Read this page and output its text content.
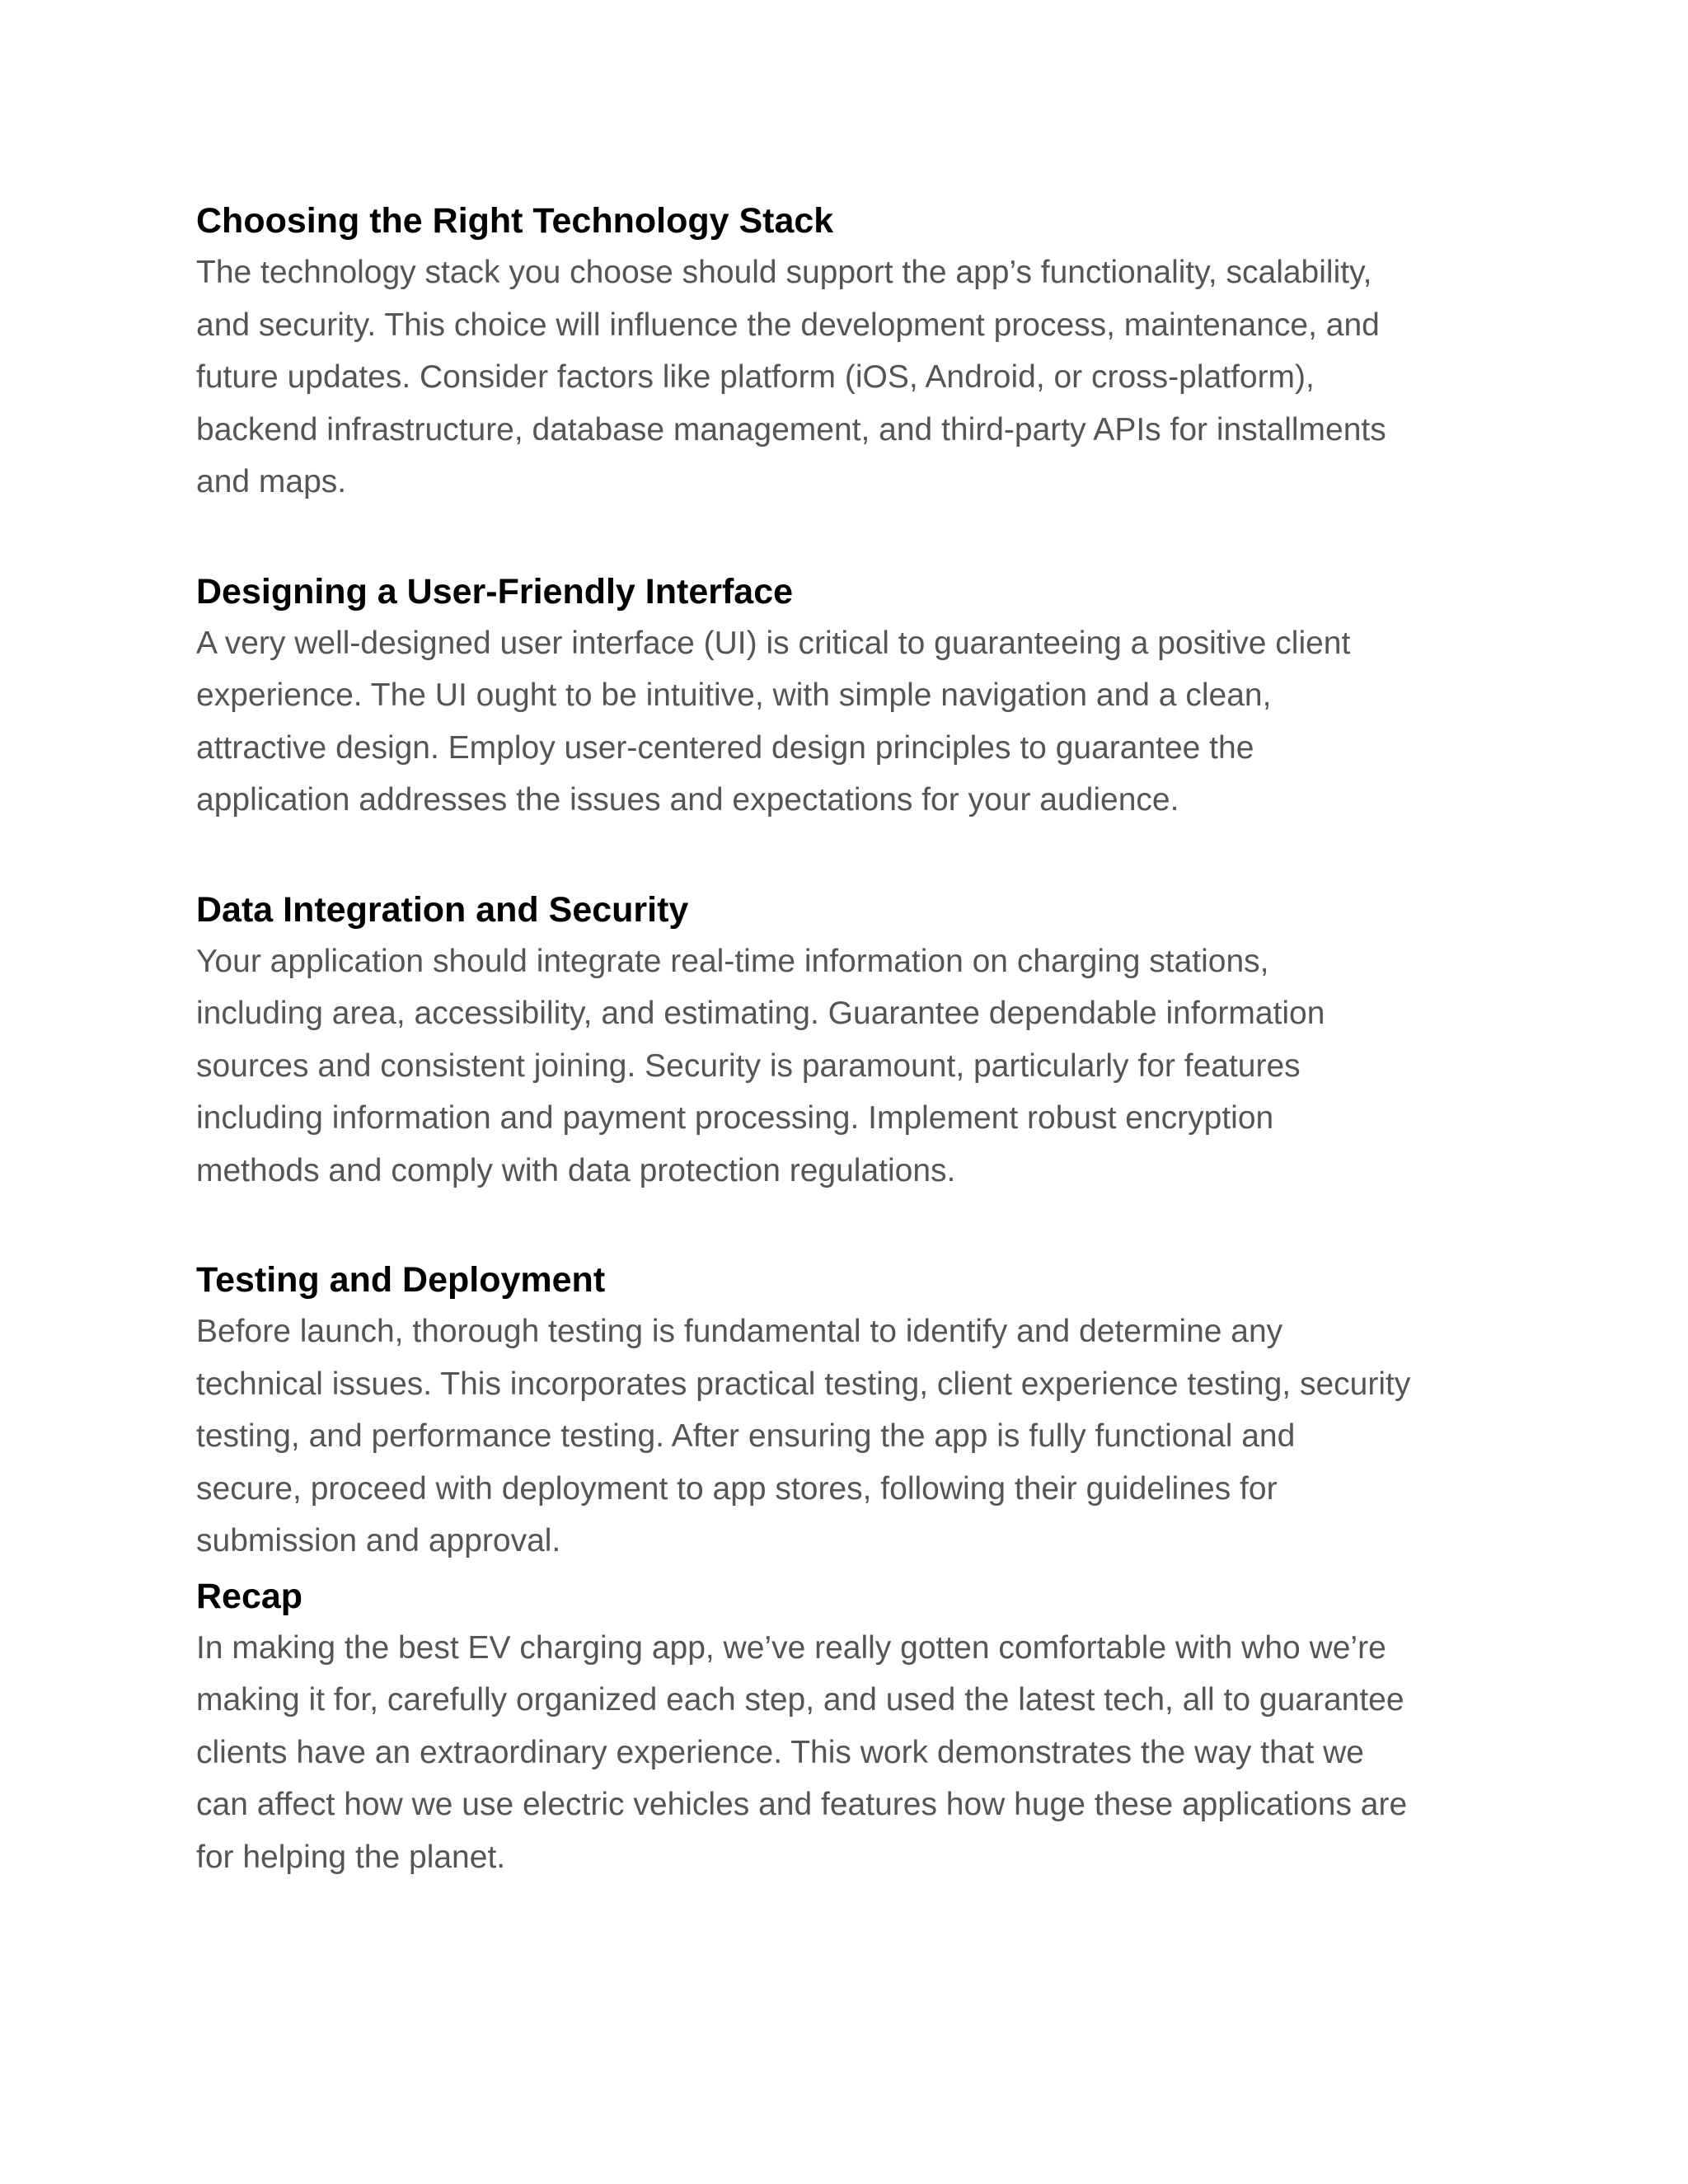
Choosing the Right Technology Stack

The technology stack you choose should support the app’s functionality, scalability,
and security. This choice will influence the development process, maintenance, and
future updates. Consider factors like platform (iOS, Android, or cross-platform),
backend infrastructure, database management, and third-party APIs for installments
and maps.

Designing a User-Friendly Interface

A very well-designed user interface (UI) is critical to guaranteeing a positive client
experience. The UI ought to be intuitive, with simple navigation and a clean,
attractive design. Employ user-centered design principles to guarantee the
application addresses the issues and expectations for your audience.

Data Integration and Security

Your application should integrate real-time information on charging stations,
including area, accessibility, and estimating. Guarantee dependable information
sources and consistent joining. Security is paramount, particularly for features
including information and payment processing. Implement robust encryption
methods and comply with data protection regulations.

Testing and Deployment

Before launch, thorough testing is fundamental to identify and determine any
technical issues. This incorporates practical testing, client experience testing, security
testing, and performance testing. After ensuring the app is fully functional and
secure, proceed with deployment to app stores, following their guidelines for
submission and approval.

Recap

In making the best EV charging app, we’ve really gotten comfortable with who we’re
making it for, carefully organized each step, and used the latest tech, all to guarantee
clients have an extraordinary experience. This work demonstrates the way that we
can affect how we use electric vehicles and features how huge these applications are
for helping the planet.
